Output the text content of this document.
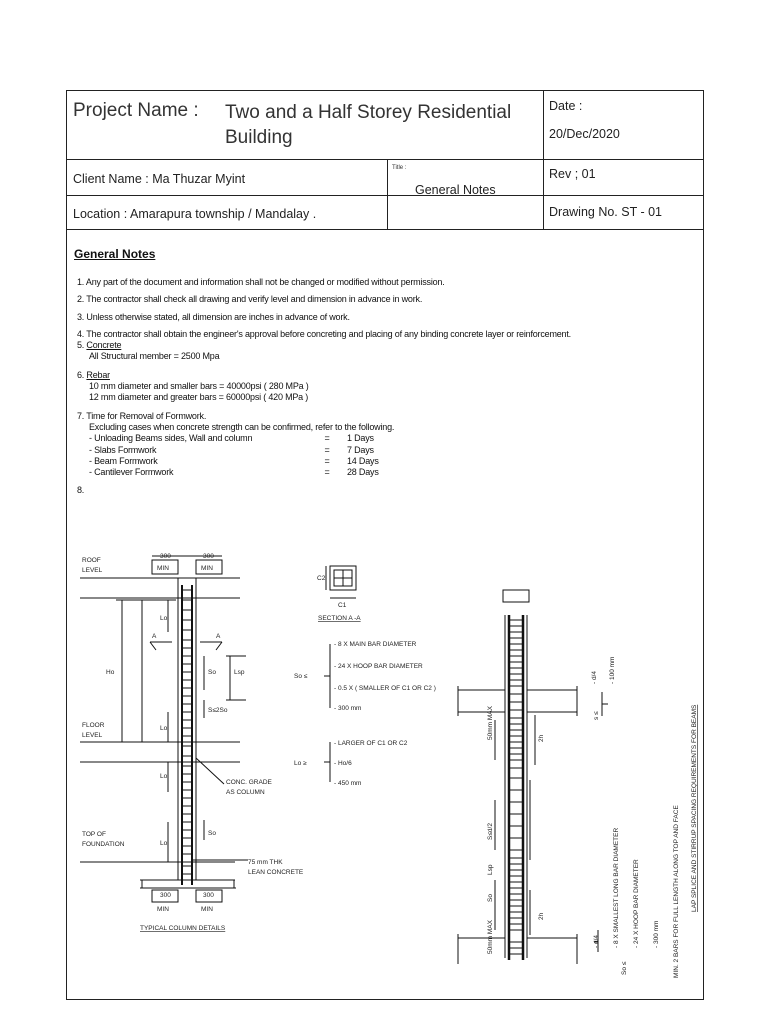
Project Name : Two and a Half Storey Residential Building
Date :
20/Dec/2020
Client Name : Ma Thuzar Myint
Title :
General Notes
Rev ; 01
Location : Amarapura township / Mandalay .	Drawing No. ST - 01
General Notes

1. Any part of the document and information shall not be changed or modified without permission.

2. The contractor shall check all drawing and verify level and dimension in advance in work.

3. Unless otherwise stated, all dimension are inches in advance of work.

4. The contractor shall obtain the engineer's approval before concreting and placing of any binding concrete layer or reinforcement.

5. Concrete

All Structural member = 2500 Mpa

6. Rebar

10 mm diameter and smaller bars = 40000psi ( 280 MPa )

12 mm diameter and greater bars = 60000psi ( 420 MPa )

7. Time for Removal of Formwork.

Excluding cases when concrete strength can be confirmed, refer to the following.

- Unloading Beams sides, Wall and column	=	1 Days
- Slabs Formwork	=	7 Days
- Beam Formwork	=	14 Days
- Cantilever Formwork	=	28 Days

8.

ROOF
LEVEL
FLOOR
LEVEL
TOP OF
FOUNDATION
300	300
MIN	MIN
300	300
MIN	MIN
Lo
Lo
Lo
Lo
Ho	So
So
Lsp
S≤2So
A	A
CONC. GRADE
AS COLUMN
75 mm THK
LEAN CONCRETE
TYPICAL COLUMN DETAILS
C1
C2
SECTION A -A
So ≤
- 8 X MAIN BAR DIAMETER
- 24 X HOOP BAR DIAMETER
- 0.5 X ( SMALLER OF C1 OR C2 )
- 300 mm
Lo ≥
- LARGER OF C1 OR C2
- Ho/6
- 450 mm
50mm MAX	2h
S≤d/2
Lsp
So
2h
50mm MAX
s ≤
- d/4 - 100 mm
So ≤
- d/4 - 8 X SMALLEST LONG BAR DIAMETER - 24 X HOOP BAR DIAMETER - 300 mm MIN. 2 BARS FOR FULL LENGTH ALONG TOP AND FACE LAP SPLICE AND STIRRUP SPACING REQUIREMENTS FOR BEAMS
